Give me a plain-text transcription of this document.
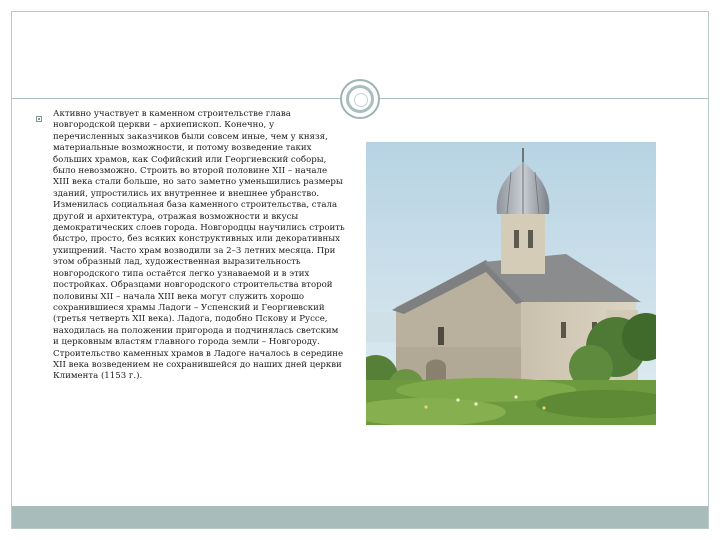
Активно участвует в каменном строительстве глава новгородской церкви – архиепископ. Конечно, у перечисленных заказчиков были совсем иные, чем у князя, материальные возможности, и потому возведение таких больших храмов, как Софийский или Георгиевский соборы, было невозможно. Строить во второй половине XII – начале XIII века стали больше, но зато заметно уменьшились размеры зданий, упростились их внутреннее и внешнее убранство. Изменилась социальная база каменного строительства, стала другой и архитектура, отражая возможности и вкусы демократических слоев города. Новгородцы научились строить быстро, просто, без всяких конструктивных или декоративных ухищрений. Часто храм возводили за 2–3 летних месяца. При этом образный лад, художественная выразительность новгородского типа остаётся легко узнаваемой и в этих постройках. Образцами новгородского строительства второй половины XII – начала XIII века могут служить хорошо сохранившиеся храмы Ладоги – Успенский и Георгиевский (третья четверть XII века). Ладога, подобно Пскову и Руссе, находилась на положении пригорода и подчинялась светским и церковным властям главного города земли – Новгороду. Строительство каменных храмов в Ладоге началось в середине XII века возведением не сохранившейся до наших дней церкви Климента (1153 г.).
